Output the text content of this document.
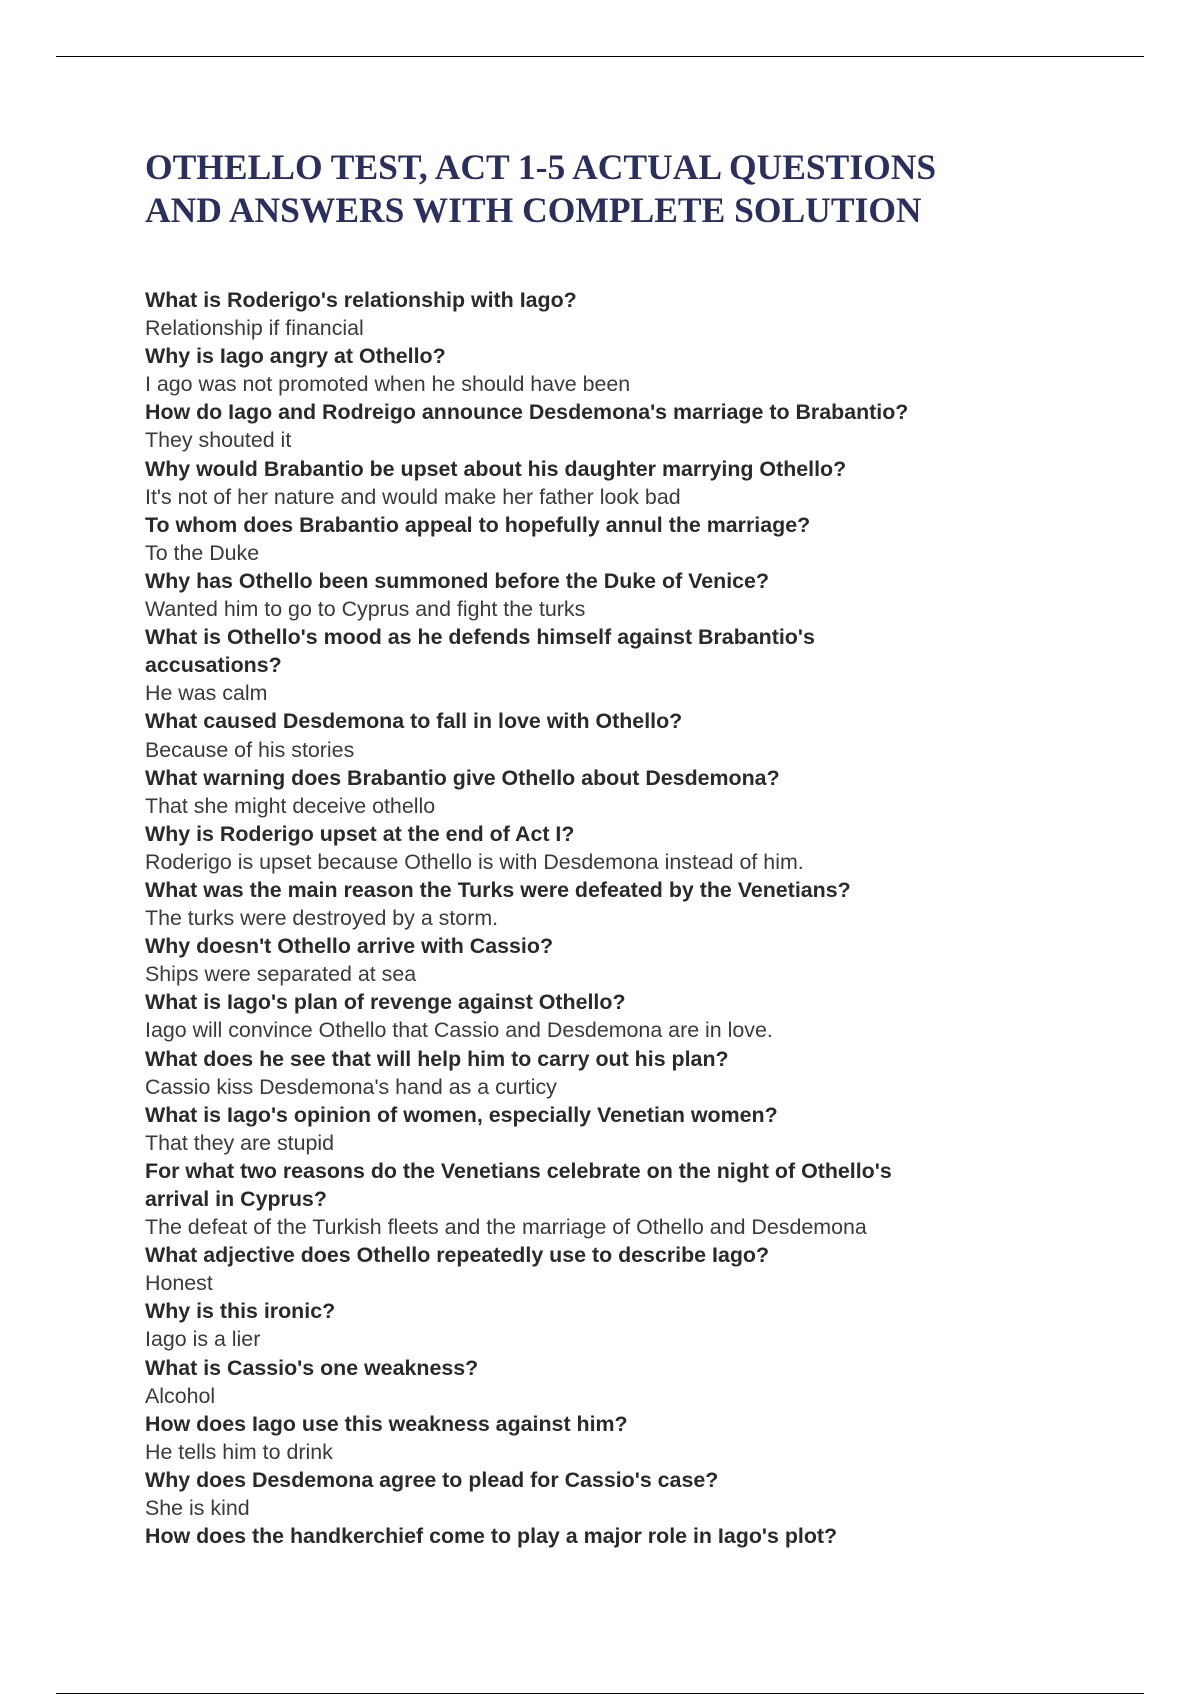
OTHELLO TEST, ACT 1-5 ACTUAL QUESTIONS
AND ANSWERS WITH COMPLETE SOLUTION
What is Roderigo's relationship with Iago?
Relationship if financial
Why is Iago angry at Othello?
I ago was not promoted when he should have been
How do Iago and Rodreigo announce Desdemona's marriage to Brabantio?
They shouted it
Why would Brabantio be upset about his daughter marrying Othello?
It's not of her nature and would make her father look bad
To whom does Brabantio appeal to hopefully annul the marriage?
To the Duke
Why has Othello been summoned before the Duke of Venice?
Wanted him to go to Cyprus and fight the turks
What is Othello's mood as he defends himself against Brabantio's
accusations?
He was calm
What caused Desdemona to fall in love with Othello?
Because of his stories
What warning does Brabantio give Othello about Desdemona?
That she might deceive othello
Why is Roderigo upset at the end of Act I?
Roderigo is upset because Othello is with Desdemona instead of him.
What was the main reason the Turks were defeated by the Venetians?
The turks were destroyed by a storm.
Why doesn't Othello arrive with Cassio?
Ships were separated at sea
What is Iago's plan of revenge against Othello?
Iago will convince Othello that Cassio and Desdemona are in love.
What does he see that will help him to carry out his plan?
Cassio kiss Desdemona's hand as a curticy
What is Iago's opinion of women, especially Venetian women?
That they are stupid
For what two reasons do the Venetians celebrate on the night of Othello's
arrival in Cyprus?
The defeat of the Turkish fleets and the marriage of Othello and Desdemona
What adjective does Othello repeatedly use to describe Iago?
Honest
Why is this ironic?
Iago is a lier
What is Cassio's one weakness?
Alcohol
How does Iago use this weakness against him?
He tells him to drink
Why does Desdemona agree to plead for Cassio's case?
She is kind
How does the handkerchief come to play a major role in Iago's plot?
